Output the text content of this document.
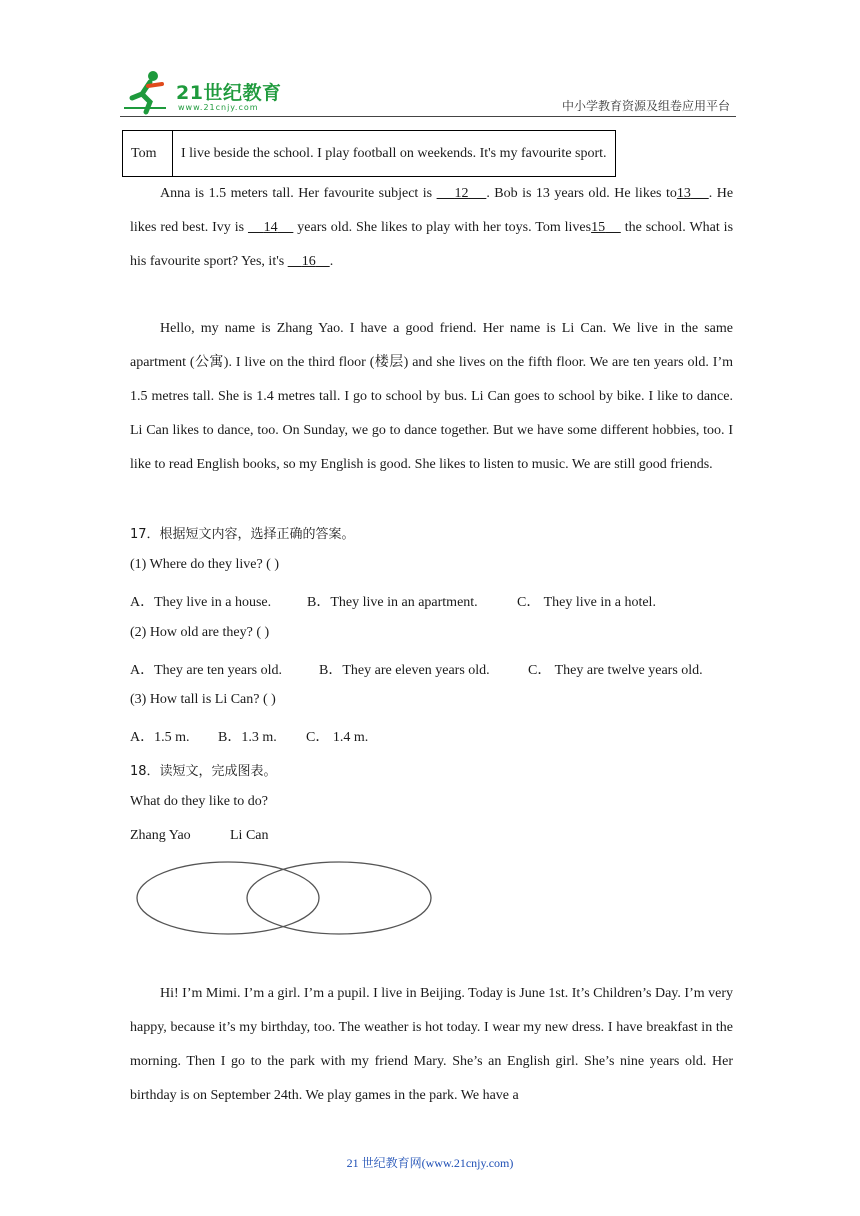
21世纪教育
www.21cnjy.com	中小学教育资源及组卷应用平台
Tom	I live beside the school. I play football on weekends. It's my favourite sport.

Anna is 1.5 meters tall. Her favourite subject is     12 . Bob is 13 years old. He likes to13 . He likes red best. Ivy is     14     years old. She likes to play with her toys. Tom lives15     the school. What is his favourite sport? Yes, it's     16 .

Hello, my name is Zhang Yao. I have a good friend. Her name is Li Can. We live in the same apartment (公寓). I live on the third floor (楼层) and she lives on the fifth floor. We are ten years old. I’m 1.5 metres tall. She is 1.4 metres tall. I go to school by bus. Li Can goes to school by bike. I like to dance. Li Can likes to dance, too. On Sunday, we go to dance together. But we have some different hobbies, too. I like to read English books, so my English is good. She likes to listen to music. We are still good friends.

17．根据短文内容，选择正确的答案。
(1) Where do they live? ( )
A．They live in a house.	B．They live in an apartment.	C． They live in a hotel.
(2) How old are they? ( )
A．They are ten years old.	B．They are eleven years old.	C． They are twelve years old.
(3) How tall is Li Can? ( )
A．1.5 m. B．1.3 m. C． 1.4 m.
18．读短文，完成图表。
What do they like to do?
Zhang Yao	Li Can

Hi! I’m Mimi. I’m a girl. I’m a pupil. I live in Beijing. Today is June 1st. It’s Children’s Day. I’m very happy, because it’s my birthday, too. The weather is hot today. I wear my new dress. I have breakfast in the morning. Then I go to the park with my friend Mary. She’s an English girl. She’s nine years old. Her birthday is on September 24th. We play games in the park. We have a

21 世纪教育网(www.21cnjy.com)
